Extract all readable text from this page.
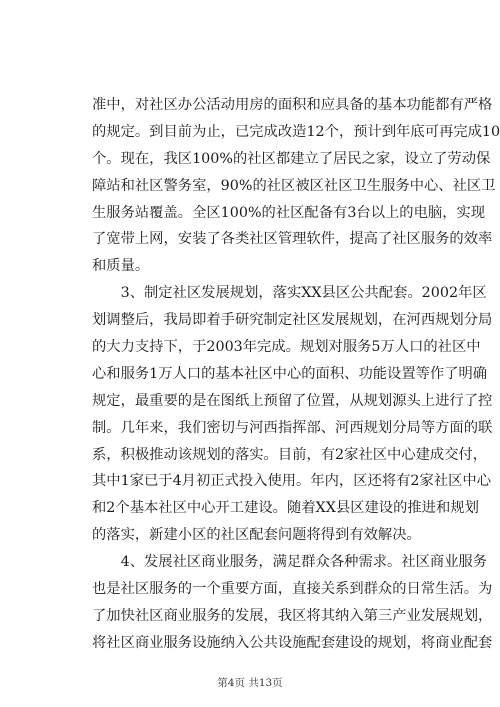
准中，对社区办公活动用房的面积和应具备的基本功能都有严格
的规定。到目前为止，已完成改造12个，预计到年底可再完成10
个。现在，我区100%的社区都建立了居民之家，设立了劳动保
障站和社区警务室，90%的社区被区社区卫生服务中心、社区卫
生服务站覆盖。全区100%的社区配备有3台以上的电脑，实现
了宽带上网，安装了各类社区管理软件，提高了社区服务的效率
和质量。
　　3、制定社区发展规划，落实XX县区公共配套。2002年区
划调整后，我局即着手研究制定社区发展规划，在河西规划分局
的大力支持下，于2003年完成。规划对服务5万人口的社区中
心和服务1万人口的基本社区中心的面积、功能设置等作了明确
规定，最重要的是在图纸上预留了位置，从规划源头上进行了控
制。几年来，我们密切与河西指挥部、河西规划分局等方面的联
系，积极推动该规划的落实。目前，有2家社区中心建成交付，
其中1家已于4月初正式投入使用。年内，区还将有2家社区中心
和2个基本社区中心开工建设。随着XX县区建设的推进和规划
的落实，新建小区的社区配套问题将得到有效解决。
　　4、发展社区商业服务，满足群众各种需求。社区商业服务
也是社区服务的一个重要方面，直接关系到群众的日常生活。为
了加快社区商业服务的发展，我区将其纳入第三产业发展规划，
将社区商业服务设施纳入公共设施配套建设的规划，将商业配套
第4页 共13页
